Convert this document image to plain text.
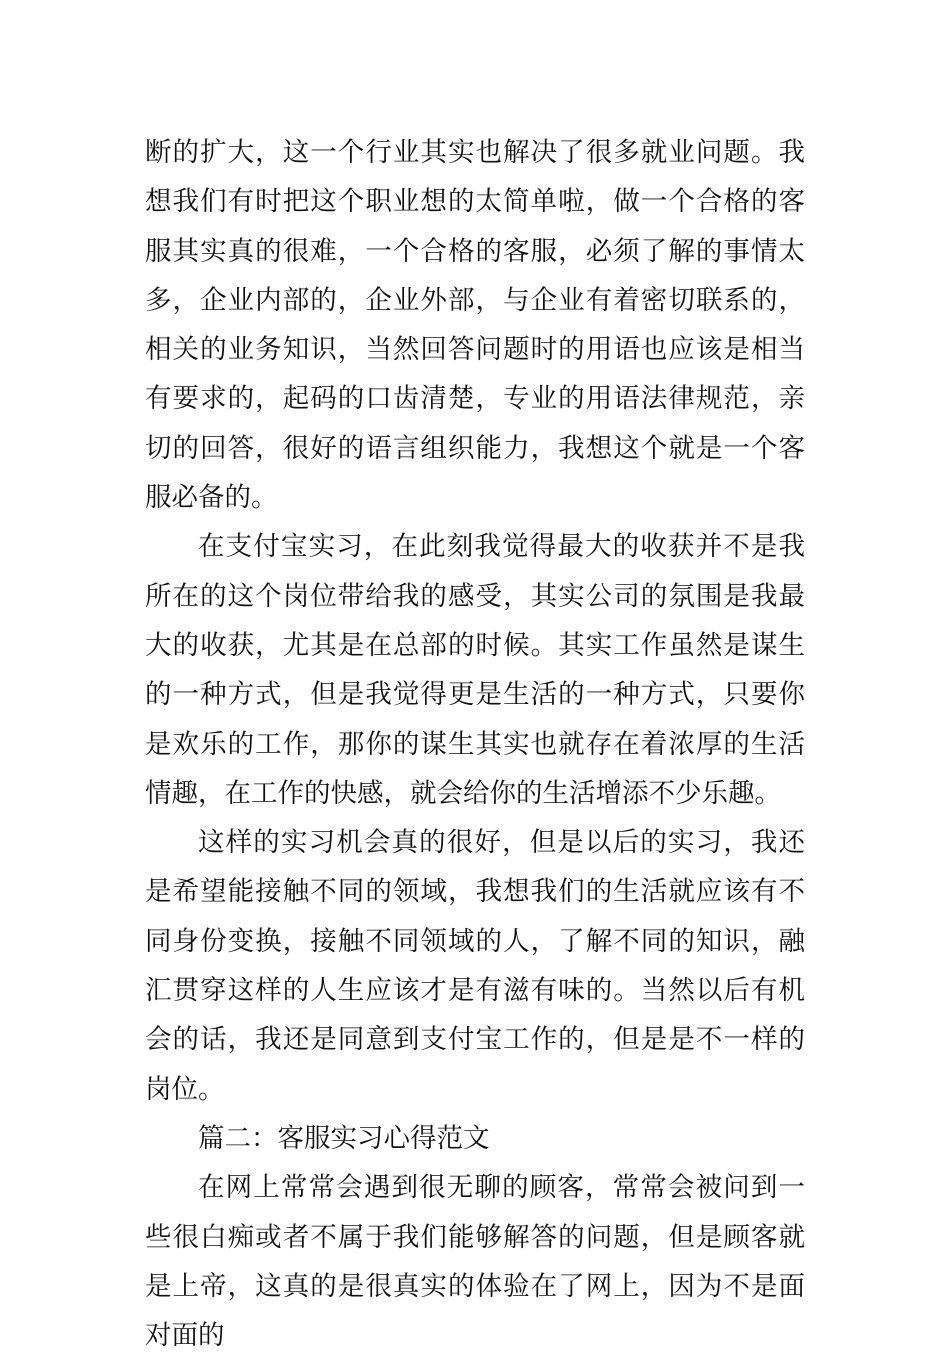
断的扩大，这一个行业其实也解决了很多就业问题。我想我们有时把这个职业想的太简单啦，做一个合格的客服其实真的很难，一个合格的客服，必须了解的事情太多，企业内部的，企业外部，与企业有着密切联系的，相关的业务知识，当然回答问题时的用语也应该是相当有要求的，起码的口齿清楚，专业的用语法律规范，亲切的回答，很好的语言组织能力，我想这个就是一个客服必备的。

在支付宝实习，在此刻我觉得最大的收获并不是我所在的这个岗位带给我的感受，其实公司的氛围是我最大的收获，尤其是在总部的时候。其实工作虽然是谋生的一种方式，但是我觉得更是生活的一种方式，只要你是欢乐的工作，那你的谋生其实也就存在着浓厚的生活情趣，在工作的快感，就会给你的生活增添不少乐趣。

这样的实习机会真的很好，但是以后的实习，我还是希望能接触不同的领域，我想我们的生活就应该有不同身份变换，接触不同领域的人，了解不同的知识，融汇贯穿这样的人生应该才是有滋有味的。当然以后有机会的话，我还是同意到支付宝工作的，但是是不一样的岗位。

篇二：客服实习心得范文

在网上常常会遇到很无聊的顾客，常常会被问到一些很白痴或者不属于我们能够解答的问题，但是顾客就是上帝，这真的是很真实的体验在了网上，因为不是面对面的
